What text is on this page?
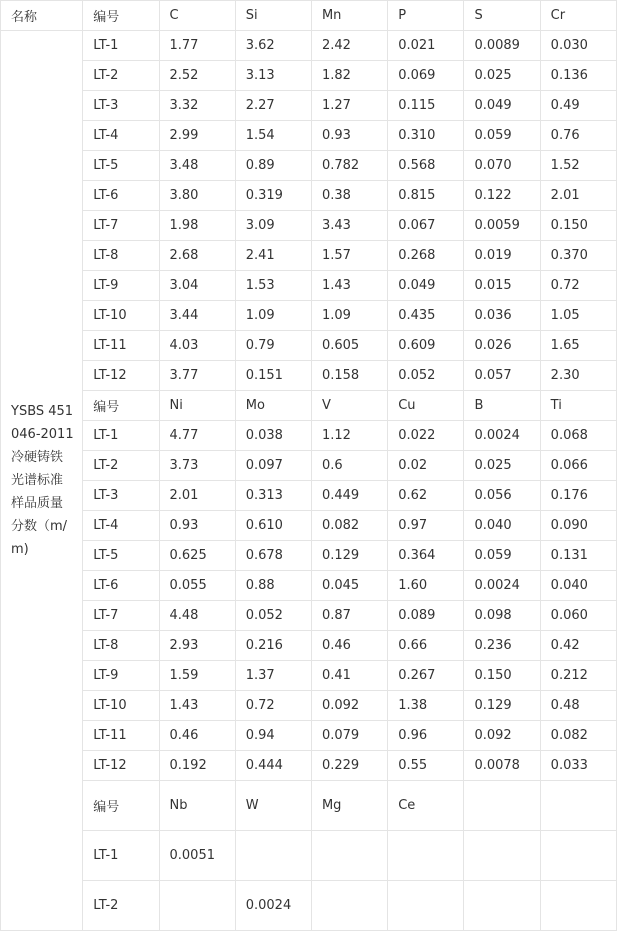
名称	编号	C	Si	Mn	P	S	Cr
YSBS 451046-2011 冷硬铸铁光谱标准样品质量分数（m/m)	LT-1	1.77	3.62	2.42	0.021	0.0089	0.030
	LT-2	2.52	3.13	1.82	0.069	0.025	0.136
	LT-3	3.32	2.27	1.27	0.115	0.049	0.49
	LT-4	2.99	1.54	0.93	0.310	0.059	0.76
	LT-5	3.48	0.89	0.782	0.568	0.070	1.52
	LT-6	3.80	0.319	0.38	0.815	0.122	2.01
	LT-7	1.98	3.09	3.43	0.067	0.0059	0.150
	LT-8	2.68	2.41	1.57	0.268	0.019	0.370
	LT-9	3.04	1.53	1.43	0.049	0.015	0.72
	LT-10	3.44	1.09	1.09	0.435	0.036	1.05
	LT-11	4.03	0.79	0.605	0.609	0.026	1.65
	LT-12	3.77	0.151	0.158	0.052	0.057	2.30
	编号	Ni	Mo	V	Cu	B	Ti
	LT-1	4.77	0.038	1.12	0.022	0.0024	0.068
	LT-2	3.73	0.097	0.6	0.02	0.025	0.066
	LT-3	2.01	0.313	0.449	0.62	0.056	0.176
	LT-4	0.93	0.610	0.082	0.97	0.040	0.090
	LT-5	0.625	0.678	0.129	0.364	0.059	0.131
	LT-6	0.055	0.88	0.045	1.60	0.0024	0.040
	LT-7	4.48	0.052	0.87	0.089	0.098	0.060
	LT-8	2.93	0.216	0.46	0.66	0.236	0.42
	LT-9	1.59	1.37	0.41	0.267	0.150	0.212
	LT-10	1.43	0.72	0.092	1.38	0.129	0.48
	LT-11	0.46	0.94	0.079	0.96	0.092	0.082
	LT-12	0.192	0.444	0.229	0.55	0.0078	0.033
	编号	Nb	W	Mg	Ce		
	LT-1	0.0051					
	LT-2		0.0024				
